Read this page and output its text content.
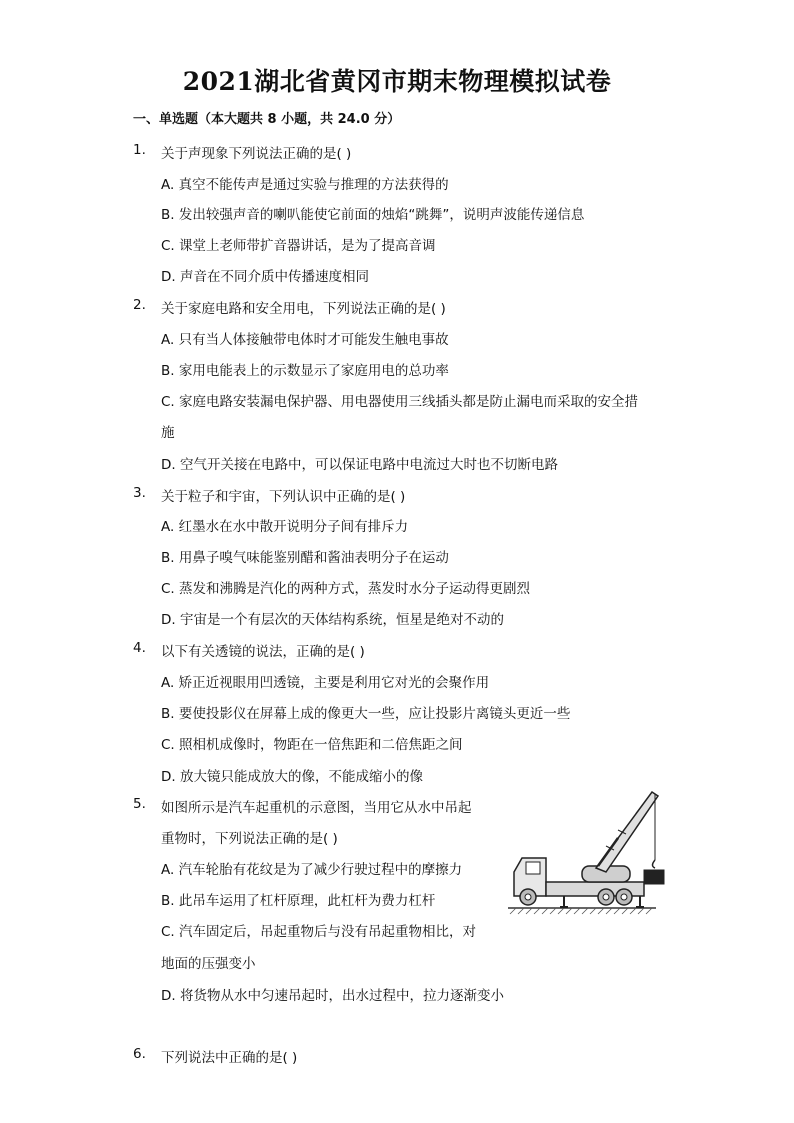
2021湖北省黄冈市期末物理模拟试卷
一、单选题（本大题共 8 小题，共 24.0 分）
1.	关于声现象下列说法正确的是( )
A. 真空不能传声是通过实验与推理的方法获得的
B. 发出较强声音的喇叭能使它前面的烛焰“跳舞”，说明声波能传递信息
C. 课堂上老师带扩音器讲话，是为了提高音调
D. 声音在不同介质中传播速度相同
2.	关于家庭电路和安全用电，下列说法正确的是( )
A. 只有当人体接触带电体时才可能发生触电事故
B. 家用电能表上的示数显示了家庭用电的总功率
C. 家庭电路安装漏电保护器、用电器使用三线插头都是防止漏电而采取的安全措
施
D. 空气开关接在电路中，可以保证电路中电流过大时也不切断电路
3.	关于粒子和宇宙，下列认识中正确的是( )
A. 红墨水在水中散开说明分子间有排斥力
B. 用鼻子嗅气味能鉴别醋和酱油表明分子在运动
C. 蒸发和沸腾是汽化的两种方式，蒸发时水分子运动得更剧烈
D. 宇宙是一个有层次的天体结构系统，恒星是绝对不动的
4.	以下有关透镜的说法，正确的是( )
A. 矫正近视眼用凹透镜，主要是利用它对光的会聚作用
B. 要使投影仪在屏幕上成的像更大一些，应让投影片离镜头更近一些
C. 照相机成像时，物距在一倍焦距和二倍焦距之间
D. 放大镜只能成放大的像，不能成缩小的像
5.	如图所示是汽车起重机的示意图，当用它从水中吊起
重物时，下列说法正确的是( )
A. 汽车轮胎有花纹是为了减少行驶过程中的摩擦力
B. 此吊车运用了杠杆原理，此杠杆为费力杠杆
C. 汽车固定后，吊起重物后与没有吊起重物相比，对
地面的压强变小
D. 将货物从水中匀速吊起时，出水过程中，拉力逐渐变小
6.	下列说法中正确的是( )
